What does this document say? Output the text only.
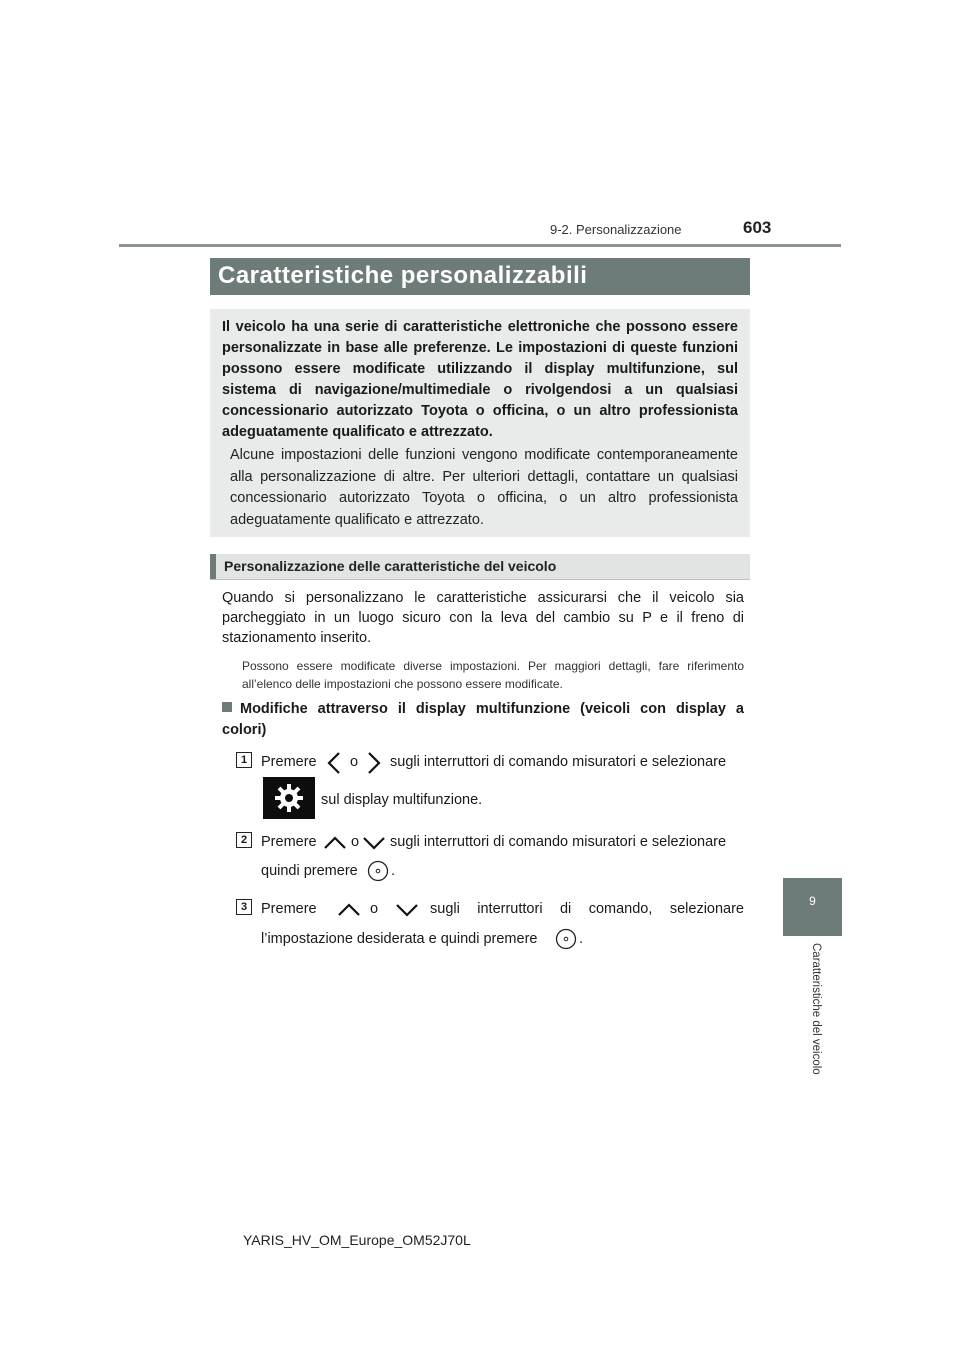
9-2. Personalizzazione	603
Caratteristiche personalizzabili
Il veicolo ha una serie di caratteristiche elettroniche che possono essere personalizzate in base alle preferenze. Le impostazioni di queste funzioni possono essere modificate utilizzando il display multifunzione, sul sistema di navigazione/multimediale o rivolgendosi a un qualsiasi concessionario autorizzato Toyota o officina, o un altro professionista adeguatamente qualificato e attrezzato.
Alcune impostazioni delle funzioni vengono modificate contemporaneamente alla personalizzazione di altre. Per ulteriori dettagli, contattare un qualsiasi concessionario autorizzato Toyota o officina, o un altro professionista adeguatamente qualificato e attrezzato.
Personalizzazione delle caratteristiche del veicolo
Quando si personalizzano le caratteristiche assicurarsi che il veicolo sia parcheggiato in un luogo sicuro con la leva del cambio su P e il freno di stazionamento inserito.
Possono essere modificate diverse impostazioni. Per maggiori dettagli, fare riferimento all’elenco delle impostazioni che possono essere modificate.
Modifiche attraverso il display multifunzione (veicoli con display a colori)
1 Premere o sugli interruttori di comando misuratori e selezionare
sul display multifunzione.
2 Premere o sugli interruttori di comando misuratori e selezionare
quindi premere .
3 Premere	o	sugli interruttori di comando, selezionare
l’impostazione desiderata e quindi premere	.
9
Caratteristiche del veicolo
YARIS_HV_OM_Europe_OM52J70L
